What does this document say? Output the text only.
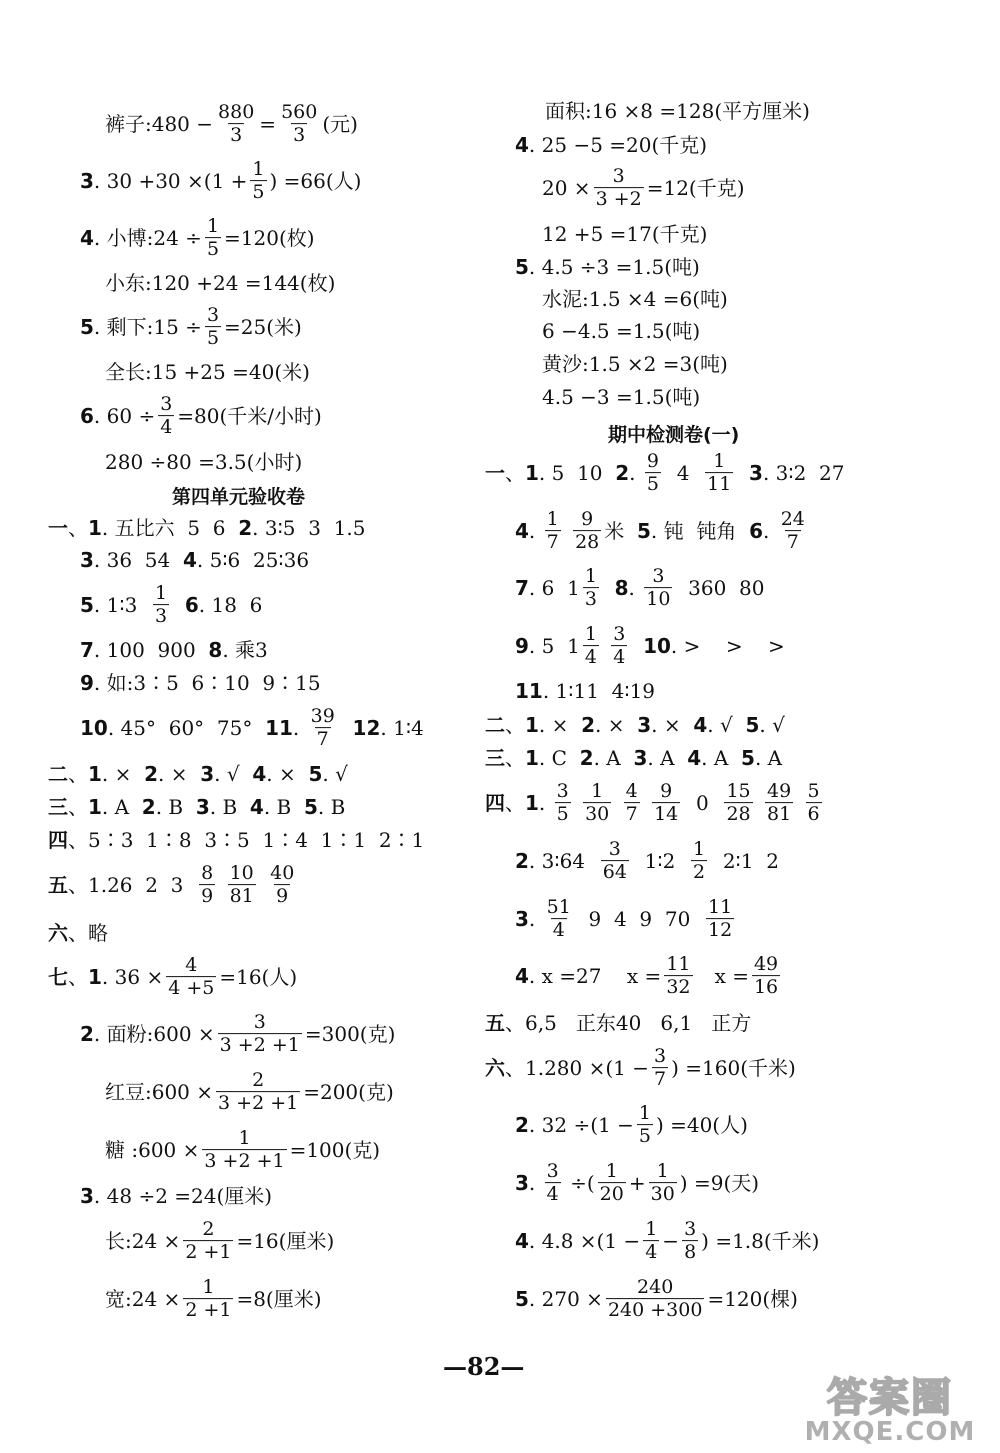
第四单元验收卷
期中检测卷(一)
裤子:480 − $\frac{880}{3} = \frac{560}{3}$ (元)
3 . $30 +30 \times(1 + \frac{1}{5}$ ) =66(人)
4 . 小博:24 ÷ $\frac{1}{5} =120$(枚)
小东:120 +24 =144(枚)
5 . 剩下:15 ÷ $\frac{3}{5} =25$(米)
全长:15 +25 =40(米)
6 . $60 \div \frac{3}{4} =80$(千米/小时)
280 ÷80 =3.5(小时)
一 、 1 . 五比六  5  6 2 . 3∶5  3  1.5
3 . 36  54 4 . 5∶6  25∶36
5 . 1∶3 $\frac{1}{3}$
6 . 18  6
7 . 100  900 8 . 乘3
9 . 如:3∶5  6∶10  9∶15
10 . 45°  60°  75° 11 . $\frac{39}{7}$
12 . 1∶4
二 、 1 . × 2 . × 3 . √ 4 . × 5 . √
三 、 1 . A 2 . B 3 . B 4 . B 5 . B
四 、5∶3  1∶8  3∶5  1∶4  1∶1  2∶1
五 、1.26  2  $3 \frac{8}{9}$
$\frac{10}{81}$
$\frac{40}{9}$
六 、略
七 、 1 . $36 \times \frac{4}{4 +5} =16$(人)
2 . 面粉:600 × $\frac{3}{3 +2 +1} =300$(克)
红豆:600 × $\frac{2}{3 +2 +1} =200$(克)
糖 :600 × $\frac{1}{3 +2 +1} =100$(克)
3 . 48 ÷2 =24(厘米)
长:24 × $\frac{2}{2 +1} =16$(厘米)
宽:24 × $\frac{1}{2 +1} =8$(厘米)
面积:16 ×8 =128(平方厘米)
4 . 25 −5 =20(千克)
$20 \times \frac{3}{3 +2} =12$(千克)
12 +5 =17(千克)
5 . 4.5 ÷3 =1.5(吨)
水泥:1.5 ×4 =6(吨)
6 −4.5 =1.5(吨)
黄沙:1.5 ×2 =3(吨)
4.5 −3 =1.5(吨)
一 、 1 . 5  10 2 . $\frac{9}{5} 4 \frac{1}{11}$
3 . 3∶2  27
4 . $\frac{1}{7}$
$\frac{9}{28}$ 米 5 . 钝  钝角 6 . $\frac{24}{7}$
7 . 6  $1 \frac{1}{3}$
8 . $\frac{3}{10} 360$  80
9 . 5  $1 \frac{1}{4}$
$\frac{3}{4}$
10 . >    >    >
11 . 1∶11  4∶19
二 、 1 . × 2 . × 3 . × 4 . √ 5 . √
三 、 1 . C 2 . A 3 . A 4 . A 5 . A
四 、 1 . $\frac{3}{5}$
$\frac{1}{30}$
$\frac{4}{7}$
$\frac{9}{14} 0 \frac{15}{28}$
$\frac{49}{81}$
$\frac{5}{6}$
2 . 3∶64 $\frac{3}{64}$ 1∶2 $\frac{1}{2}$ 2∶1  2
3 . $\frac{51}{4} 9$  4  9  $70 \frac{11}{12}$
4 . x =27    $x = \frac{11}{32}$ $x = \frac{49}{16}$
五 、6,5   正东40   6,1   正方
六 、$1.280 \times(1 - \frac{3}{7}$ ) =160(千米)
2 . $32 \div(1 - \frac{1}{5}$ ) =40(人)
3 . $\frac{3}{4}$ ÷( $\frac{1}{20} + \frac{1}{30}$ ) =9(天)
4 . $4.8 \times(1 - \frac{1}{4} - \frac{3}{8}$ ) =1.8(千米)
5 . $270 \times \frac{240}{240 +300} =120$(棵)
—82—
答案圈
MXQE.COM
